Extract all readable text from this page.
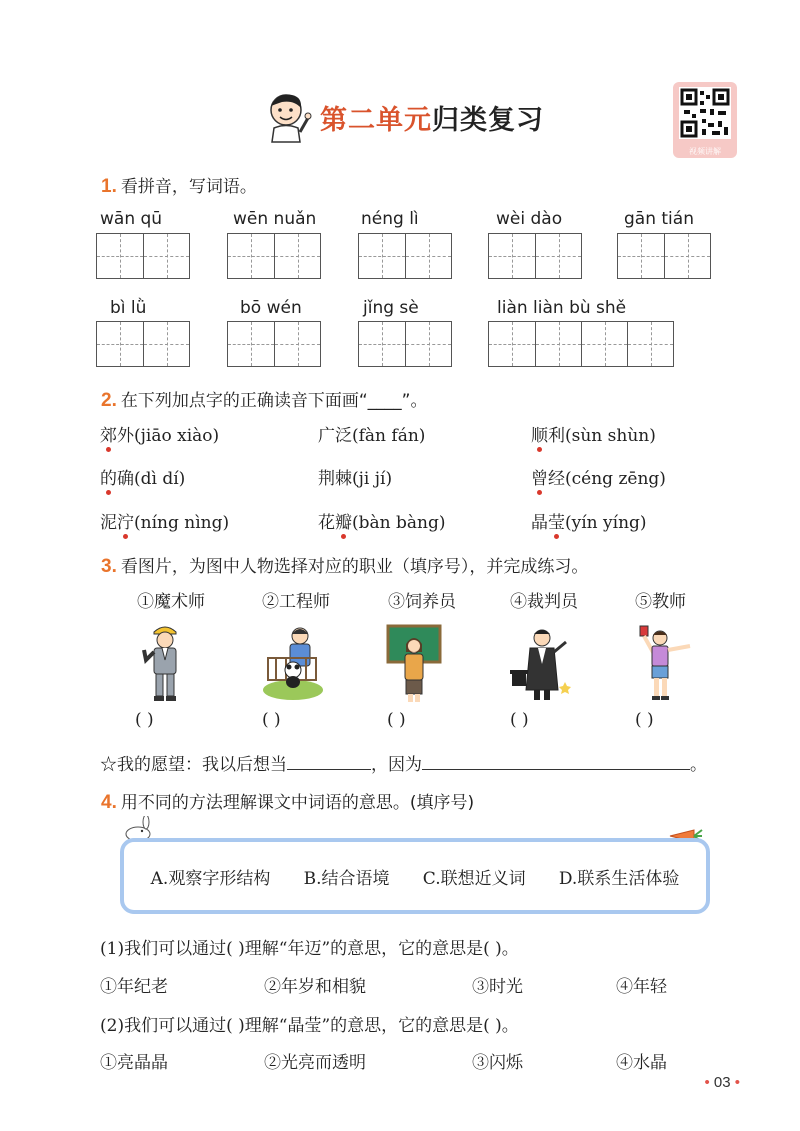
第二单元归类复习
视频讲解
1. 看拼音，写词语。
wān qū	wēn nuǎn	néng lì	wèi dào	gān tián
bì lǜ	bō wén	jǐng sè	liàn liàn bù shě
2. 在下列加点字的正确读音下面画“____”。
郊外(jiāo xiào)	广泛(fàn fán)	顺利(sùn shùn)
的确(dì dí)	荆棘(ji jí)	曾经(céng zēng)
泥泞(níng nìng)	花瓣(bàn bàng)	晶莹(yín yíng)
3. 看图片，为图中人物选择对应的职业（填序号），并完成练习。
①魔术师	②工程师	③饲养员	④裁判员	⑤教师
( )	( )	( )	( )	( )
☆我的愿望：我以后想当	，因为	。
4. 用不同的方法理解课文中词语的意思。(填序号)
A.观察字形结构 B.结合语境 C.联想近义词 D.联系生活体验
(1)我们可以通过( )理解“年迈”的意思，它的意思是( )。
①年纪老	②年岁和相貌	③时光	④年轻
(2)我们可以通过( )理解“晶莹”的意思，它的意思是( )。
①亮晶晶	②光亮而透明	③闪烁	④水晶
• 03 •
